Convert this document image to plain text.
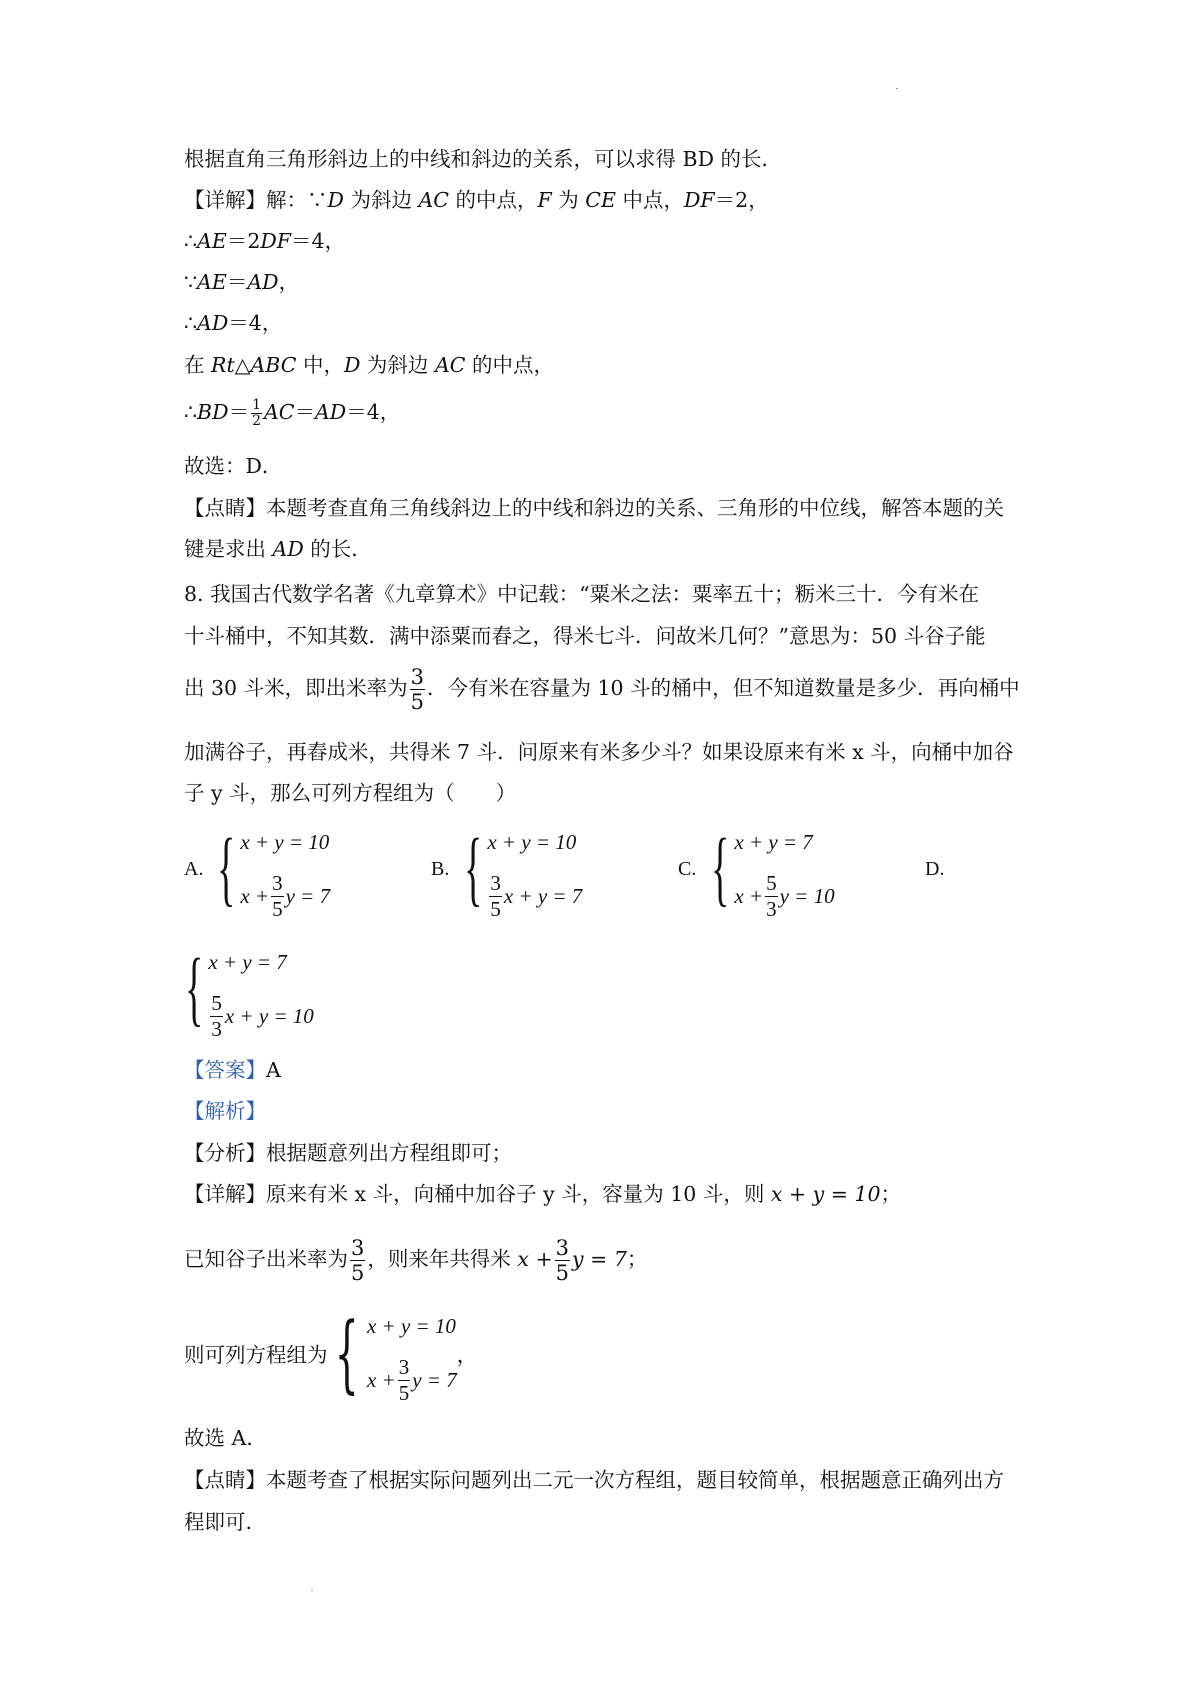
根据直角三角形斜边上的中线和斜边的关系，可以求得 BD 的长．
【详解】解：∵D 为斜边 AC 的中点，F 为 CE 中点，DF＝2，
∴AE＝2DF＝4，
∵AE＝AD，
∴AD＝4，
在 Rt△ABC 中，D 为斜边 AC 的中点，
∴BD＝ $\frac{1}{2} AC=AD=4$，
故选：D．
【点睛】本题考查直角三角线斜边上的中线和斜边的关系、三角形的中位线，解答本题的关
键是求出 AD 的长．
8. 我国古代数学名著《九章算术》中记载：“粟米之法：粟率五十；粝米三十．今有米在
十斗桶中，不知其数．满中添粟而舂之，得米七斗．问故米几何？”意思为：50 斗谷子能
出 30 斗米，即出米率为 $\frac{3}{5}$ ．今有米在容量为 10 斗的桶中，但不知道数量是多少．再向桶中
加满谷子，再舂成米，共得米 7 斗．问原来有米多少斗？如果设原来有米 x 斗，向桶中加谷
子 y 斗，那么可列方程组为（　　）
A. { x + y = 10
$x + \frac{3}{5}$ y = 7
B. { x + y = 10
$\frac{3}{5}$ x + y = 7
C. { x + y = 7
$x + \frac{5}{3}$ y = 10
D.
{ x + y = 7
$\frac{5}{3}$ x + y = 10
【答案】A
【解析】
【分析】根据题意列出方程组即可；
【详解】原来有米 x 斗，向桶中加谷子 y 斗，容量为 10 斗，则 x + y = 10；
已知谷子出米率为 $\frac{3}{5}$ ，则来年共得米 $x + \frac{3}{5}$ y = 7；
则可列方程组为 { x + y = 10
$x + \frac{3}{5}$ y = 7
，
故选 A．
【点睛】本题考查了根据实际问题列出二元一次方程组，题目较简单，根据题意正确列出方
程即可.
